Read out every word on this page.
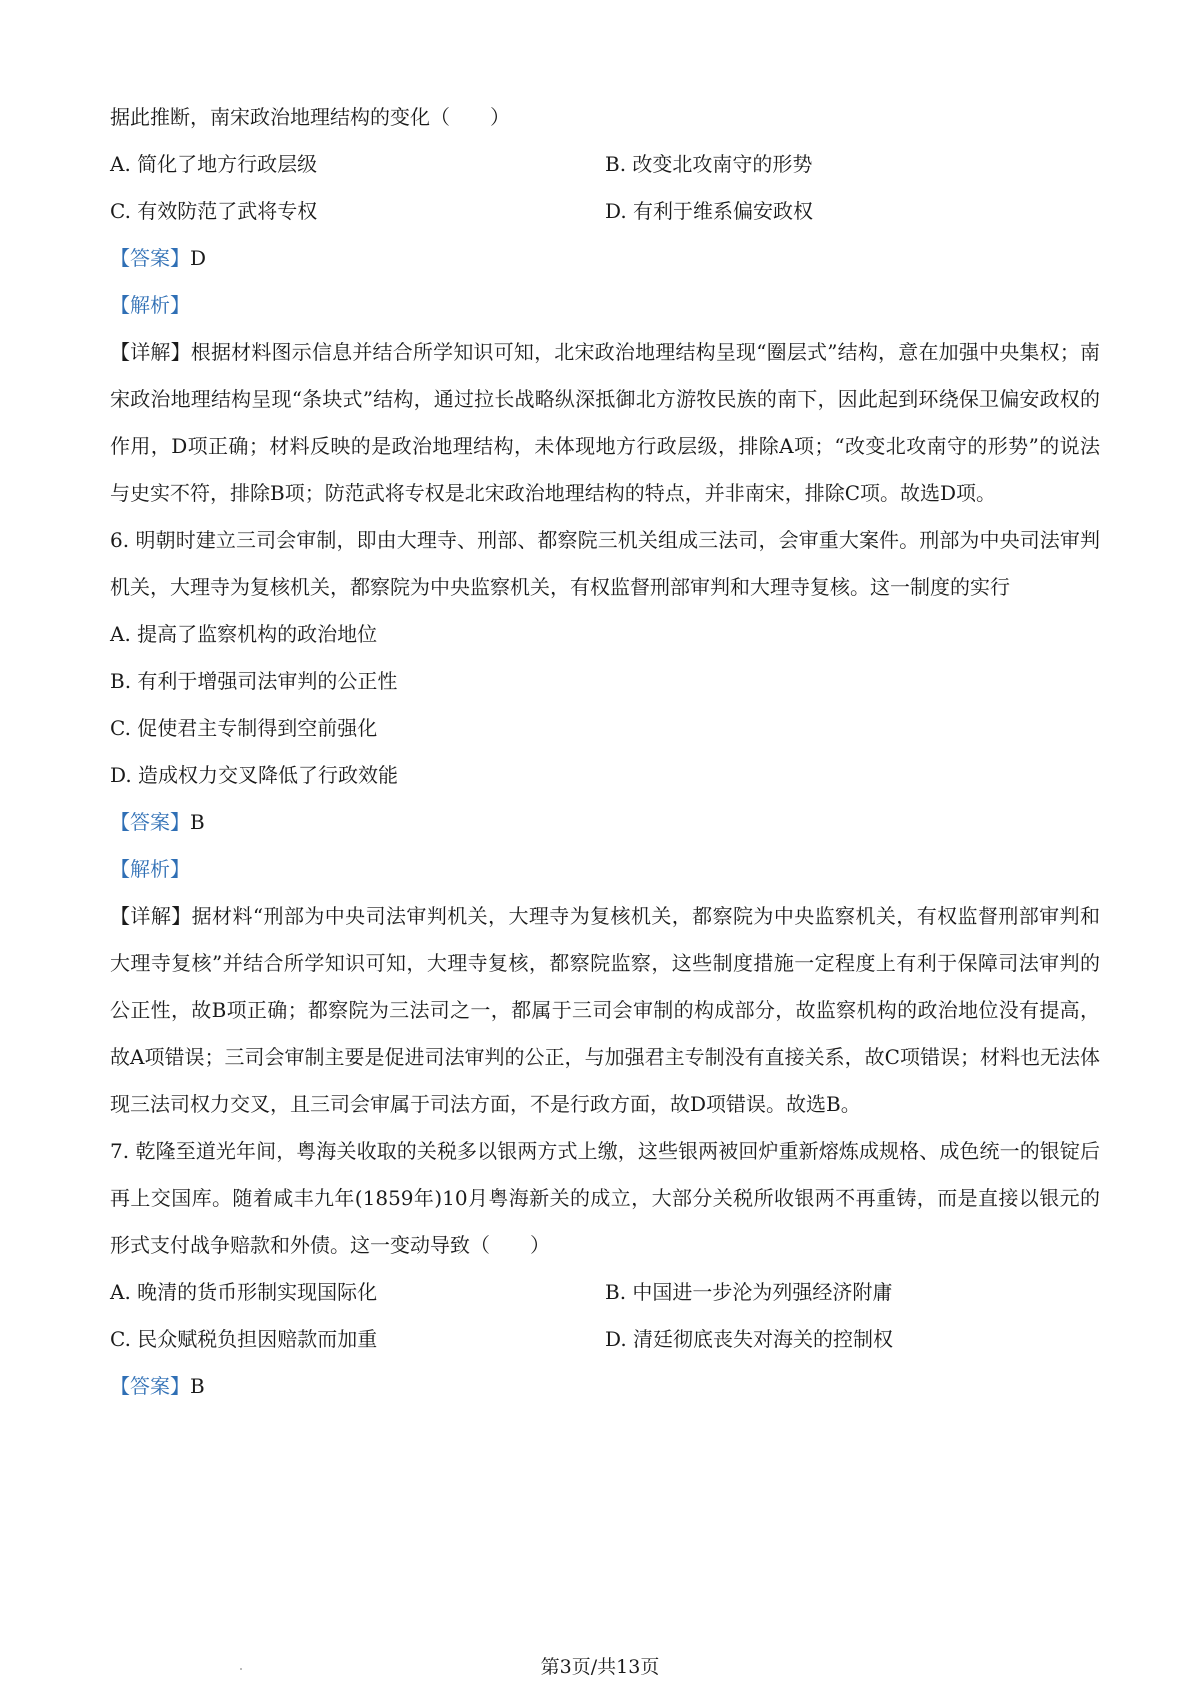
据此推断，南宋政治地理结构的变化（　　）
A. 简化了地方行政层级	B. 改变北攻南守的形势
C. 有效防范了武将专权	D. 有利于维系偏安政权
【答案】D
【解析】
【详解】根据材料图示信息并结合所学知识可知，北宋政治地理结构呈现“圈层式”结构，意在加强中央集权；南宋政治地理结构呈现“条块式”结构，通过拉长战略纵深抵御北方游牧民族的南下，因此起到环绕保卫偏安政权的作用，D项正确；材料反映的是政治地理结构，未体现地方行政层级，排除A项；“改变北攻南守的形势”的说法与史实不符，排除B项；防范武将专权是北宋政治地理结构的特点，并非南宋，排除C项。故选D项。
6. 明朝时建立三司会审制，即由大理寺、刑部、都察院三机关组成三法司，会审重大案件。刑部为中央司法审判机关，大理寺为复核机关，都察院为中央监察机关，有权监督刑部审判和大理寺复核。这一制度的实行
A. 提高了监察机构的政治地位
B. 有利于增强司法审判的公正性
C. 促使君主专制得到空前强化
D. 造成权力交叉降低了行政效能
【答案】B
【解析】
【详解】据材料“刑部为中央司法审判机关，大理寺为复核机关，都察院为中央监察机关，有权监督刑部审判和大理寺复核”并结合所学知识可知，大理寺复核，都察院监察，这些制度措施一定程度上有利于保障司法审判的公正性，故B项正确；都察院为三法司之一，都属于三司会审制的构成部分，故监察机构的政治地位没有提高，故A项错误；三司会审制主要是促进司法审判的公正，与加强君主专制没有直接关系，故C项错误；材料也无法体现三法司权力交叉，且三司会审属于司法方面，不是行政方面，故D项错误。故选B。
7. 乾隆至道光年间，粤海关收取的关税多以银两方式上缴，这些银两被回炉重新熔炼成规格、成色统一的银锭后再上交国库。随着咸丰九年(1859年)10月粤海新关的成立，大部分关税所收银两不再重铸，而是直接以银元的形式支付战争赔款和外债。这一变动导致（　　）
A. 晚清的货币形制实现国际化	B. 中国进一步沦为列强经济附庸
C. 民众赋税负担因赔款而加重	D. 清廷彻底丧失对海关的控制权
【答案】B
第3页/共13页
